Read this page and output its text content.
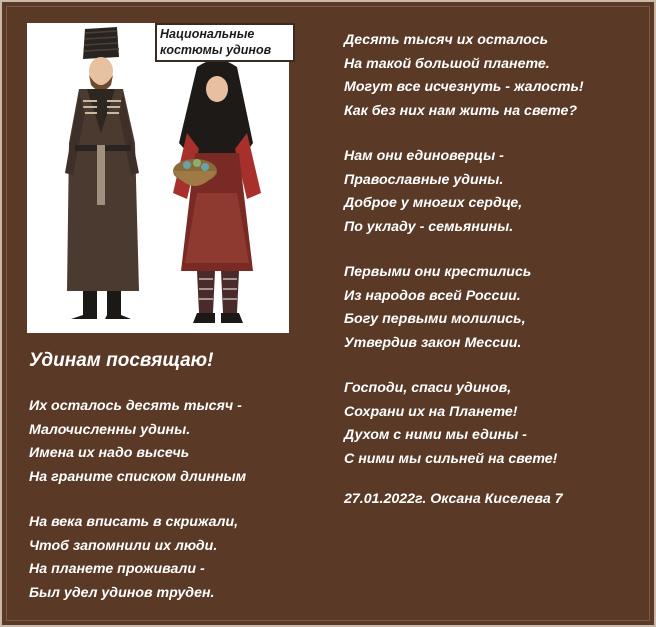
Национальные
костюмы удинов
Удинам посвящаю!
Их осталось десять тысяч -
Малочисленны удины.
Имена их надо высечь
На граните списком длинным
На века вписать в скрижали,
Чтоб запомнили их люди.
На планете проживали -
Был удел удинов труден.
Десять тысяч их осталось
На такой большой планете.
Могут все исчезнуть - жалость!
Как без них нам жить на свете?
Нам они единоверцы -
Православные удины.
Доброе у многих сердце,
По укладу - семьянины.
Первыми они крестились
Из народов всей России.
Богу первыми молились,
Утвердив закон Мессии.
Господи, спаси удинов,
Сохрани их на Планете!
Духом с ними мы едины -
С ними мы сильней на свете!
27.01.2022г. Оксана Киселева 7
